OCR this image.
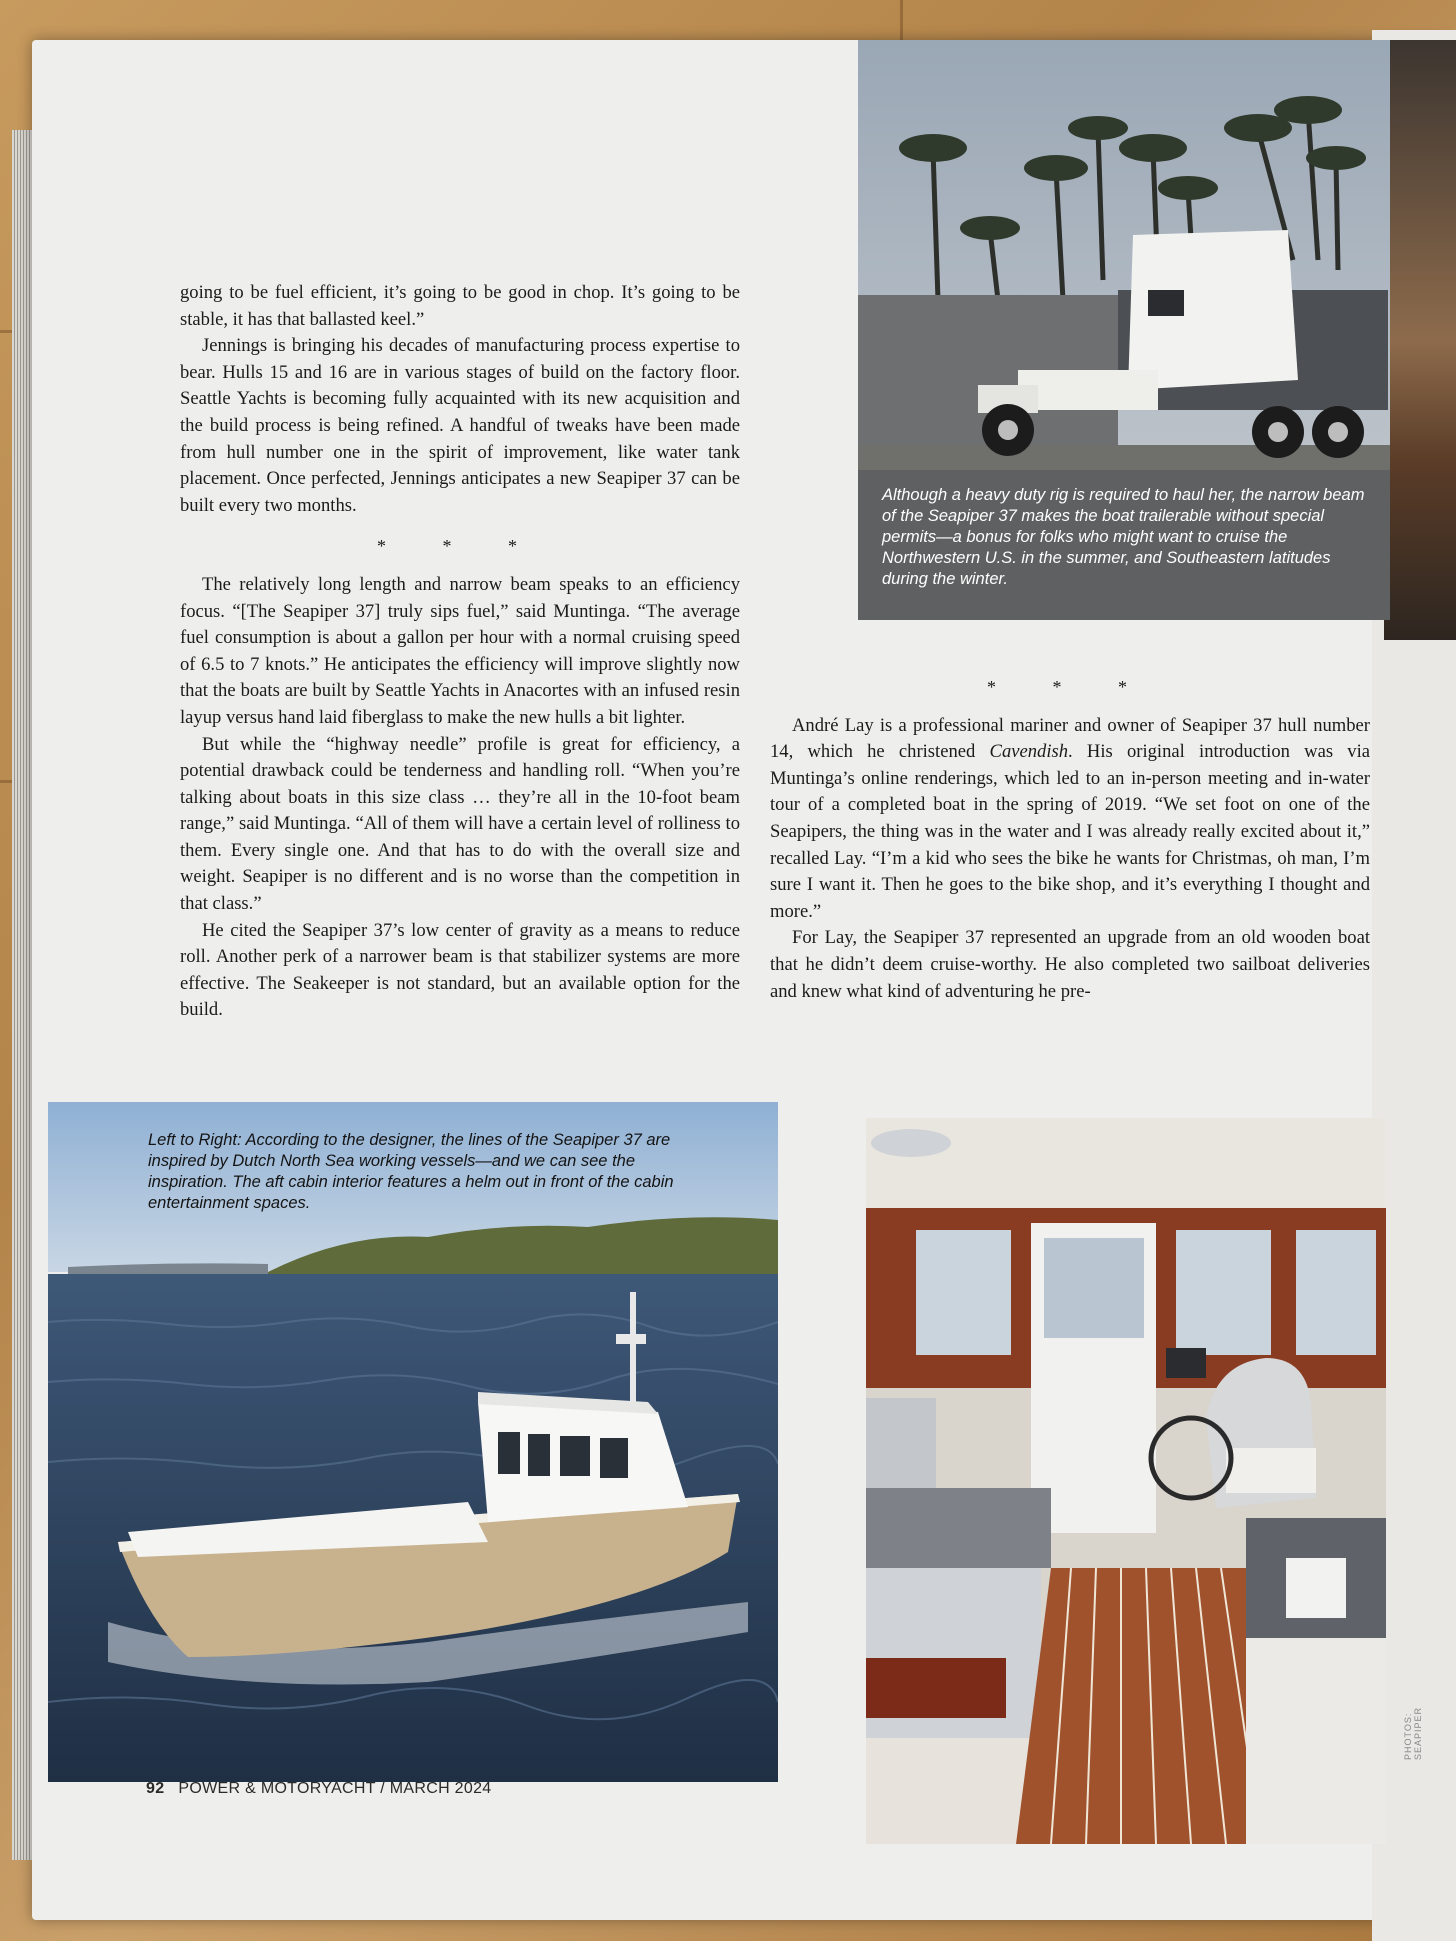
going to be fuel efficient, it’s going to be good in chop. It’s going to be stable, it has that ballasted keel.”

Jennings is bringing his decades of manufacturing process expertise to bear. Hulls 15 and 16 are in various stages of build on the factory floor. Seattle Yachts is becoming fully acquainted with its new acquisition and the build process is being refined. A handful of tweaks have been made from hull number one in the spirit of improvement, like water tank placement. Once perfected, Jennings anticipates a new Seapiper 37 can be built every two months.

* * *

The relatively long length and narrow beam speaks to an efficiency focus. “[The Seapiper 37] truly sips fuel,” said Muntinga. “The average fuel consumption is about a gallon per hour with a normal cruising speed of 6.5 to 7 knots.” He anticipates the efficiency will improve slightly now that the boats are built by Seattle Yachts in Anacortes with an infused resin layup versus hand laid fiberglass to make the new hulls a bit lighter.

But while the “highway needle” profile is great for efficiency, a potential drawback could be tenderness and handling roll. “When you’re talking about boats in this size class … they’re all in the 10-foot beam range,” said Muntinga. “All of them will have a certain level of rolliness to them. Every single one. And that has to do with the overall size and weight. Seapiper is no different and is no worse than the competition in that class.”

He cited the Seapiper 37’s low center of gravity as a means to reduce roll. Another perk of a narrower beam is that stabilizer systems are more effective. The Seakeeper is not standard, but an available option for the build.

Although a heavy duty rig is required to haul her, the narrow beam of the Seapiper 37 makes the boat trailerable without special permits—a bonus for folks who might want to cruise the Northwestern U.S. in the summer, and Southeastern latitudes during the winter.
* * *

André Lay is a professional mariner and owner of Seapiper 37 hull number 14, which he christened Cavendish. His original introduction was via Muntinga’s online renderings, which led to an in-person meeting and in-water tour of a completed boat in the spring of 2019. “We set foot on one of the Seapipers, the thing was in the water and I was already really excited about it,” recalled Lay. “I’m a kid who sees the bike he wants for Christmas, oh man, I’m sure I want it. Then he goes to the bike shop, and it’s everything I thought and more.”

For Lay, the Seapiper 37 represented an upgrade from an old wooden boat that he didn’t deem cruise-worthy. He also completed two sailboat deliveries and knew what kind of adventuring he pre-

Left to Right: According to the designer, the lines of the Seapiper 37 are inspired by Dutch North Sea working vessels—and we can see the inspiration. The aft cabin interior features a helm out in front of the cabin entertainment spaces.
92 POWER & MOTORYACHT / MARCH 2024
PHOTOS: SEAPIPER
